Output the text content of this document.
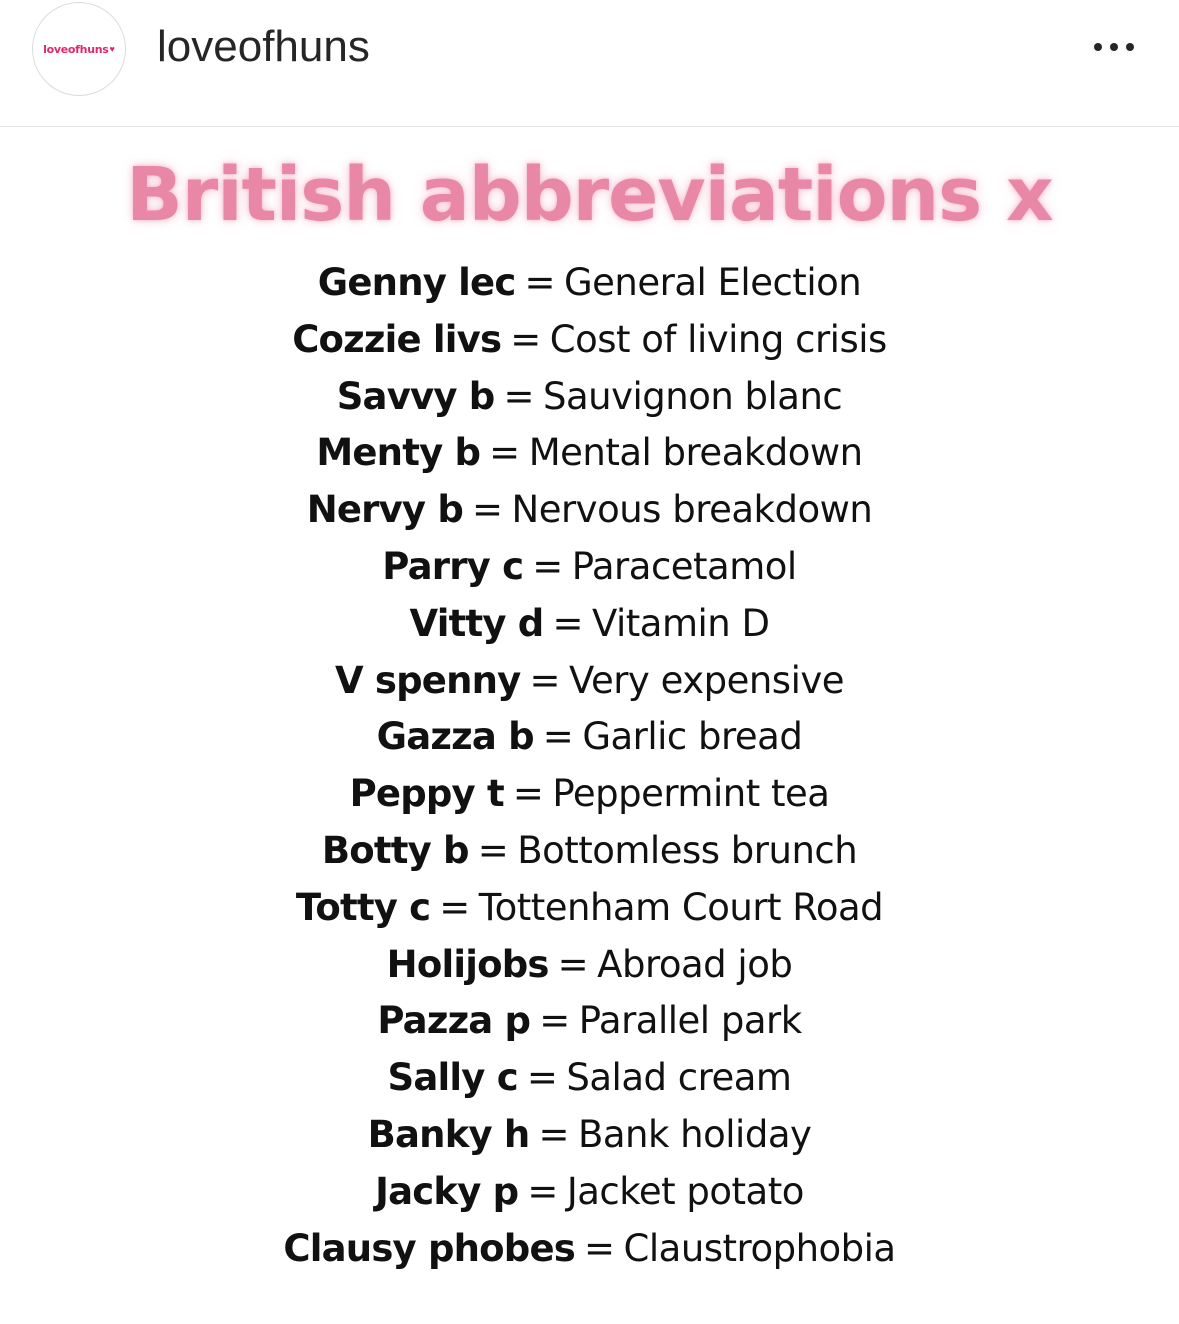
loveofhuns ♥ loveofhuns
British abbreviations x
Genny lec = General Election
Cozzie livs = Cost of living crisis
Savvy b = Sauvignon blanc
Menty b = Mental breakdown
Nervy b = Nervous breakdown
Parry c = Paracetamol
Vitty d = Vitamin D
V spenny = Very expensive
Gazza b = Garlic bread
Peppy t = Peppermint tea
Botty b = Bottomless brunch
Totty c = Tottenham Court Road
Holijobs = Abroad job
Pazza p = Parallel park
Sally c = Salad cream
Banky h = Bank holiday
Jacky p = Jacket potato
Clausy phobes = Claustrophobia
